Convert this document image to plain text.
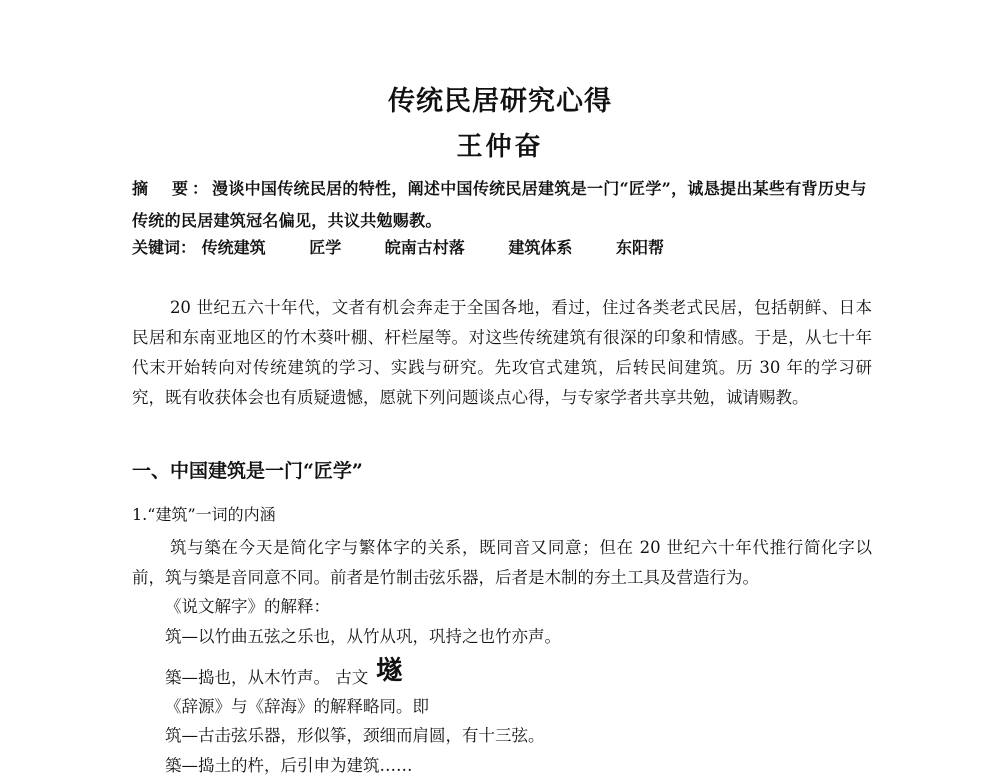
传统民居研究心得
王仲奋
摘　要：漫谈中国传统民居的特性，阐述中国传统民居建筑是一门“匠学”，诚恳提出某些有背历史与传统的民居建筑冠名偏见，共议共勉赐教。
关键词： 传统建筑	匠学	皖南古村落	建筑体系	东阳帮
20 世纪五六十年代，文者有机会奔走于全国各地，看过，住过各类老式民居，包括朝鲜、日本民居和东南亚地区的竹木葵叶棚、杆栏屋等。对这些传统建筑有很深的印象和情感。于是，从七十年代末开始转向对传统建筑的学习、实践与研究。先攻官式建筑，后转民间建筑。历 30 年的学习研究，既有收获体会也有质疑遗憾，愿就下列问题谈点心得，与专家学者共享共勉，诚请赐教。
一、中国建筑是一门“匠学”
1.“建筑”一词的内涵
筑与築在今天是简化字与繁体字的关系，既同音又同意；但在 20 世纪六十年代推行简化字以前，筑与築是音同意不同。前者是竹制击弦乐器，后者是木制的夯土工具及营造行为。
《说文解字》的解释：
筑—以竹曲五弦之乐也，从竹从巩，巩持之也竹亦声。
築—捣也，从木竹声。 古文 𡑞
《辞源》与《辞海》的解释略同。即
筑—古击弦乐器，形似筝，颈细而肩圆，有十三弦。
築—捣土的杵，后引申为建筑……
